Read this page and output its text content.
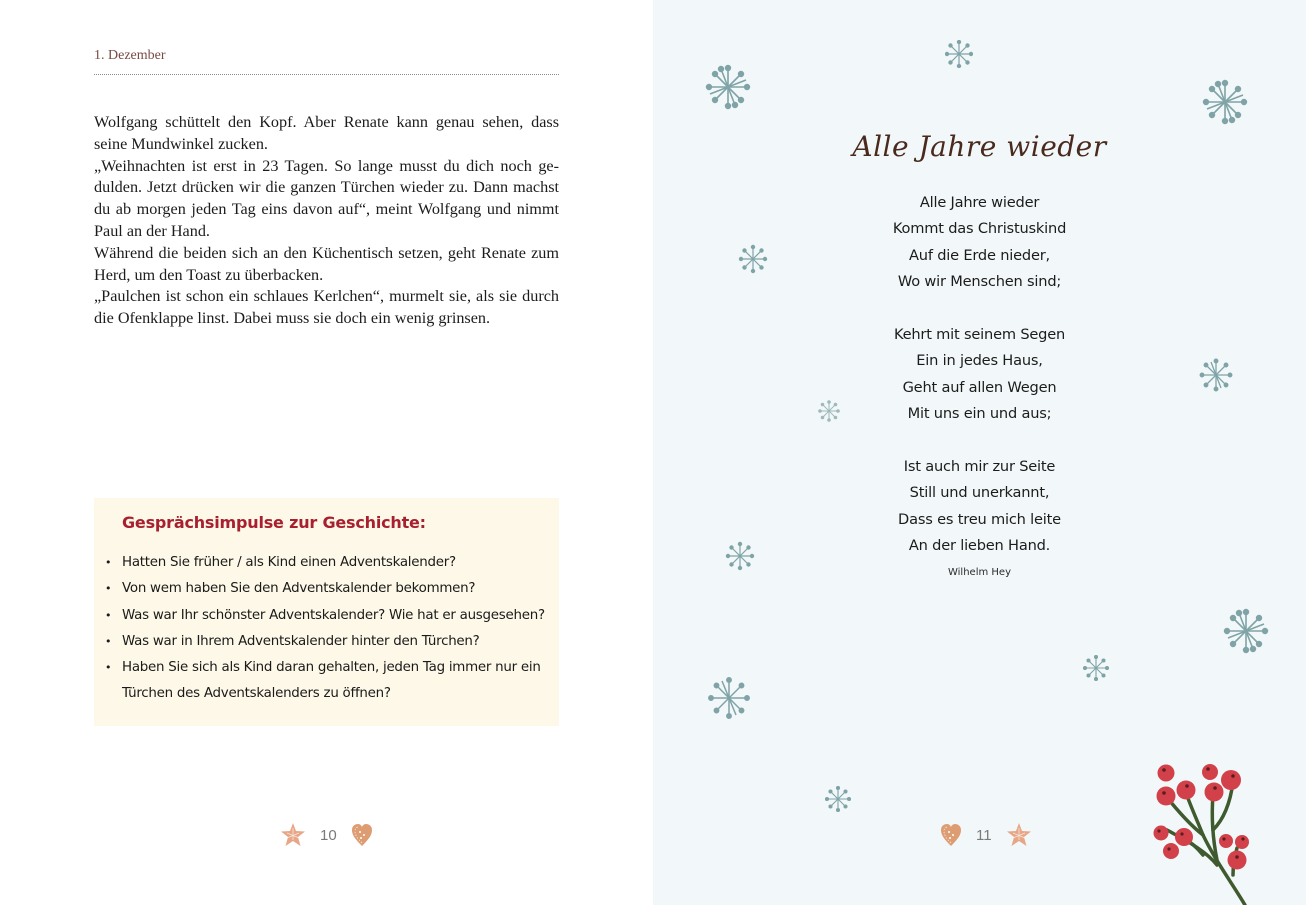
1. Dezember

Wolfgang schüttelt den Kopf. Aber Renate kann genau sehen, dass seine Mundwinkel zucken.

„Weihnachten ist erst in 23 Tagen. So lange musst du dich noch gedulden. Jetzt drücken wir die ganzen Türchen wieder zu. Dann machst du ab morgen jeden Tag eins davon auf“, meint Wolfgang und nimmt Paul an der Hand.

Während die beiden sich an den Küchentisch setzen, geht Renate zum Herd, um den Toast zu überbacken.

„Paulchen ist schon ein schlaues Kerlchen“, murmelt sie, als sie durch die Ofenklappe linst. Dabei muss sie doch ein wenig grinsen.

Gesprächsimpulse zur Geschichte:
• Hatten Sie früher / als Kind einen Adventskalender?
• Von wem haben Sie den Adventskalender bekommen?
• Was war Ihr schönster Adventskalender? Wie hat er ausgesehen?
• Was war in Ihrem Adventskalender hinter den Türchen?
• Haben Sie sich als Kind daran gehalten, jeden Tag immer nur ein Türchen des Adventskalenders zu öffnen?
10
Alle Jahre wieder
Alle Jahre wieder
Kommt das Christuskind
Auf die Erde nieder,
Wo wir Menschen sind;
Kehrt mit seinem Segen
Ein in jedes Haus,
Geht auf allen Wegen
Mit uns ein und aus;
Ist auch mir zur Seite
Still und unerkannt,
Dass es treu mich leite
An der lieben Hand.
Wilhelm Hey
11
